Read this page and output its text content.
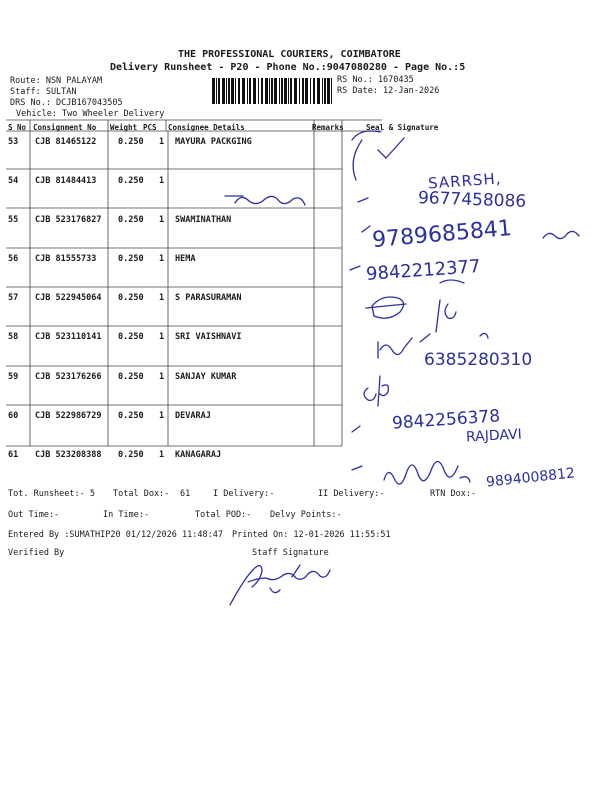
THE PROFESSIONAL COURIERS, COIMBATORE
Delivery Runsheet - P20 - Phone No.:9047080280 - Page No.:5
Route: NSN PALAYAM
Staff: SULTAN
DRS No.: DCJB167043505
Vehicle: Two Wheeler Delivery
RS No.: 1670435
RS Date: 12-Jan-2026
S No Consignment No Weight PCS Consignee Details	Remarks	Seal & Signature
53 CJB 81465122	0.250 1 MAYURA PACKGING
54 CJB 81484413	0.250 1
55 CJB 523176827 0.250 1 SWAMINATHAN
56 CJB 81555733	0.250 1 HEMA
57 CJB 522945064 0.250 1 S PARASURAMAN
58 CJB 523110141 0.250 1 SRI VAISHNAVI
59 CJB 523176266 0.250 1 SANJAY KUMAR
60 CJB 522986729 0.250 1 DEVARAJ
61 CJB 523208388 0.250 1 KANAGARAJ
Tot. Runsheet:- 5 Total Dox:- 61	I Delivery:-	II Delivery:-	RTN Dox:-
Out Time:-	In Time:-	Total POD:- Delvy Points:-
Entered By :SUMATHIP20 01/12/2026 11:48:47 Printed On: 12-01-2026 11:55:51
Verified By	Staff Signature
SARRSH,
9677458086
9789685841
9842212377
6385280310
9842256378
RAJDAVI
9894008812
